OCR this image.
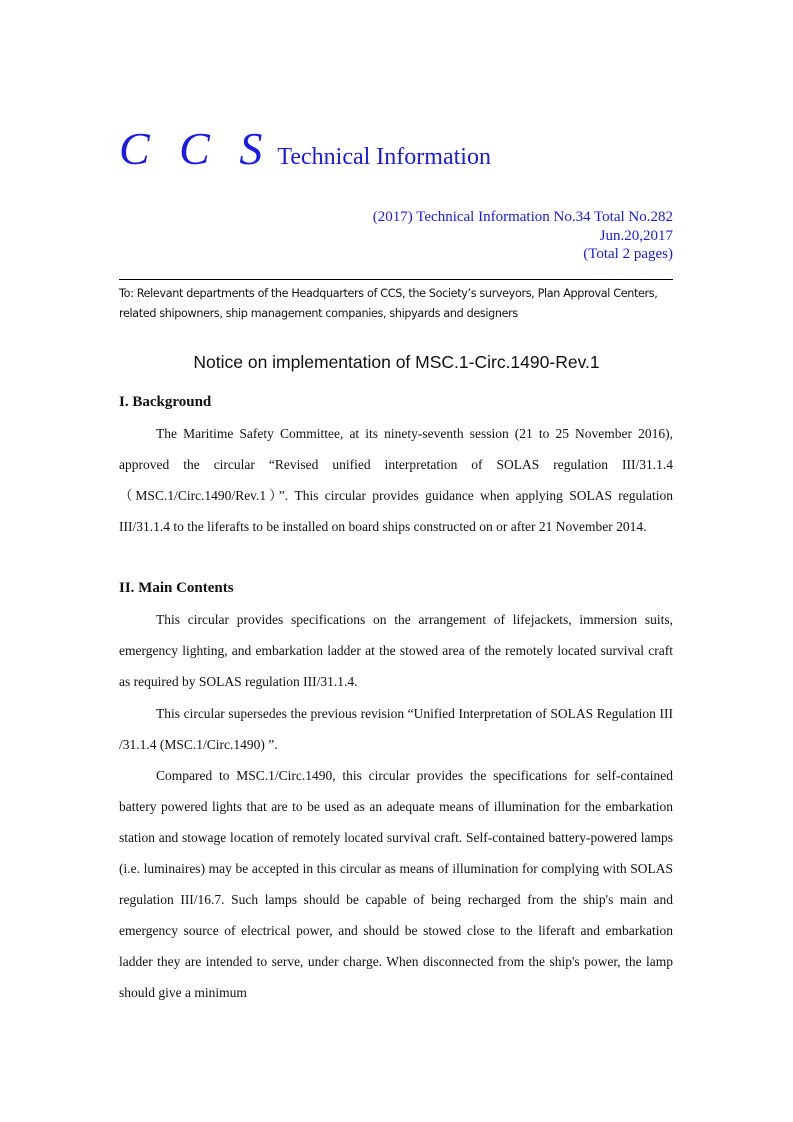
C C S Technical Information
(2017) Technical Information No.34 Total No.282
Jun.20,2017
(Total 2 pages)
To: Relevant departments of the Headquarters of CCS, the Society’s surveyors, Plan Approval Centers, related shipowners, ship management companies, shipyards and designers
Notice on implementation of MSC.1-Circ.1490-Rev.1
I. Background
The Maritime Safety Committee, at its ninety-seventh session (21 to 25 November 2016), approved the circular “Revised unified interpretation of SOLAS regulation III/31.1.4 （MSC.1/Circ.1490/Rev.1）”. This circular provides guidance when applying SOLAS regulation III/31.1.4 to the liferafts to be installed on board ships constructed on or after 21 November 2014.
II. Main Contents
This circular provides specifications on the arrangement of lifejackets, immersion suits, emergency lighting, and embarkation ladder at the stowed area of the remotely located survival craft as required by SOLAS regulation III/31.1.4.
This circular supersedes the previous revision “Unified Interpretation of SOLAS Regulation III /31.1.4 (MSC.1/Circ.1490) ”.
Compared to MSC.1/Circ.1490, this circular provides the specifications for self-contained battery powered lights that are to be used as an adequate means of illumination for the embarkation station and stowage location of remotely located survival craft. Self-contained battery-powered lamps (i.e. luminaires) may be accepted in this circular as means of illumination for complying with SOLAS regulation III/16.7. Such lamps should be capable of being recharged from the ship's main and emergency source of electrical power, and should be stowed close to the liferaft and embarkation ladder they are intended to serve, under charge. When disconnected from the ship's power, the lamp should give a minimum
